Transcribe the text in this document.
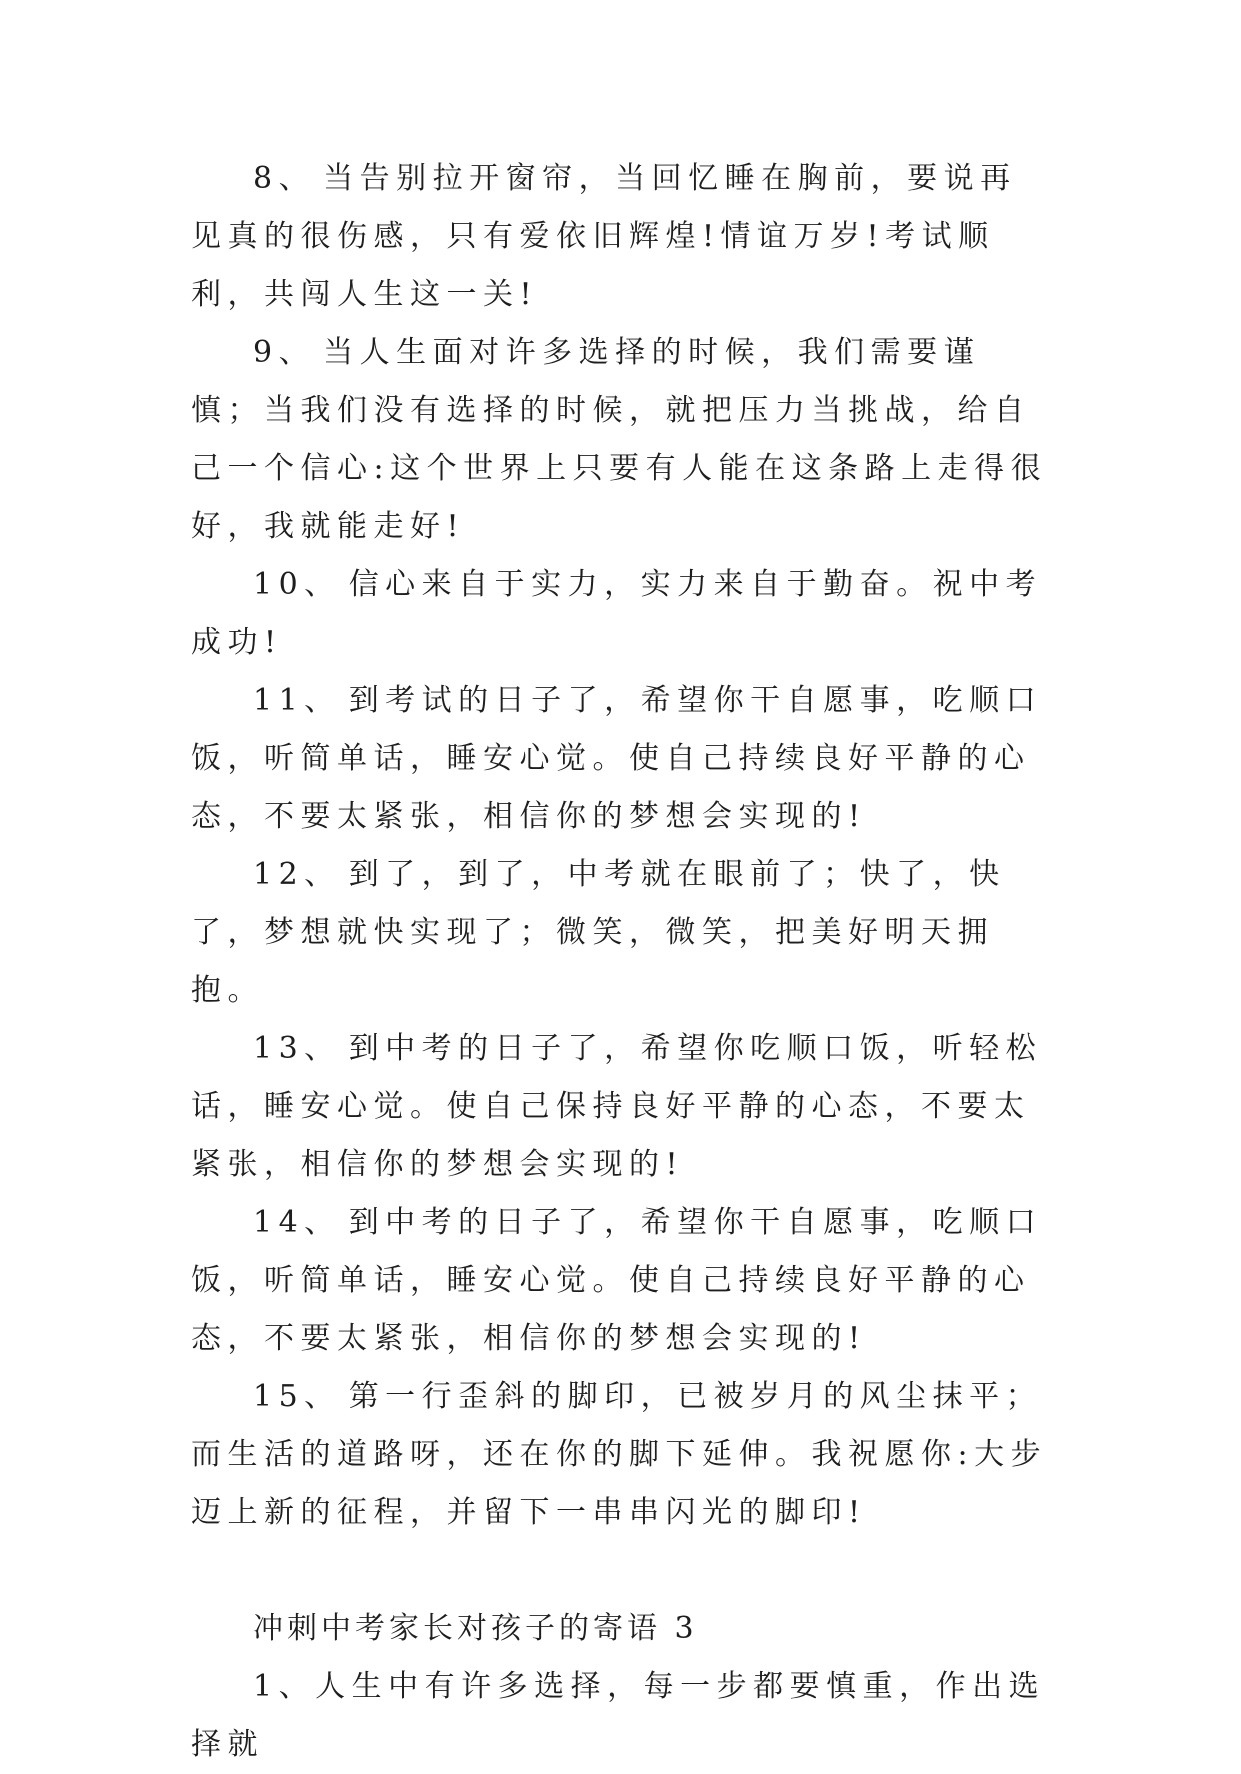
8、 当告别拉开窗帘，当回忆睡在胸前，要说再见真的很伤感，只有爱依旧辉煌!情谊万岁!考试顺利，共闯人生这一关!

9、 当人生面对许多选择的时候，我们需要谨慎；当我们没有选择的时候，就把压力当挑战，给自己一个信心:这个世界上只要有人能在这条路上走得很好，我就能走好!

10、 信心来自于实力，实力来自于勤奋。祝中考成功!

11、 到考试的日子了，希望你干自愿事，吃顺口饭，听简单话，睡安心觉。使自己持续良好平静的心态，不要太紧张，相信你的梦想会实现的!

12、 到了，到了，中考就在眼前了；快了，快了，梦想就快实现了；微笑，微笑，把美好明天拥抱。

13、 到中考的日子了，希望你吃顺口饭，听轻松话，睡安心觉。使自己保持良好平静的心态，不要太紧张，相信你的梦想会实现的!

14、 到中考的日子了，希望你干自愿事，吃顺口饭，听简单话，睡安心觉。使自己持续良好平静的心态，不要太紧张，相信你的梦想会实现的!

15、 第一行歪斜的脚印，已被岁月的风尘抹平；而生活的道路呀，还在你的脚下延伸。我祝愿你:大步迈上新的征程，并留下一串串闪光的脚印!

冲刺中考家长对孩子的寄语 3

1、人生中有许多选择，每一步都要慎重，作出选择就
